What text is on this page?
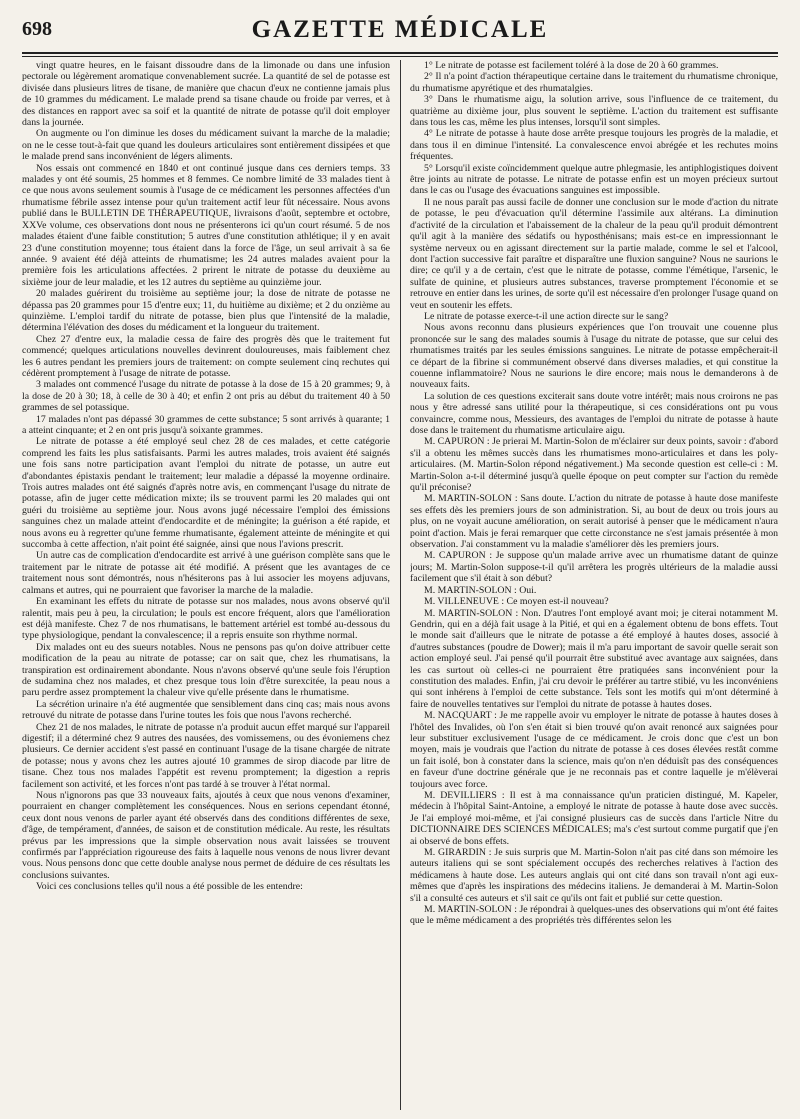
698	GAZETTE MÉDICALE

vingt quatre heures, en le faisant dissoudre dans de la limonade ou dans une infusion pectorale ou légèrement aromatique convenablement sucrée. La quantité de sel de potasse est divisée dans plusieurs litres de tisane, de manière que chacun d'eux ne contienne jamais plus de 10 grammes du médicament. Le malade prend sa tisane chaude ou froide par verres, et à des distances en rapport avec sa soif et la quantité de nitrate de potasse qu'il doit employer dans la journée.

On augmente ou l'on diminue les doses du médicament suivant la marche de la maladie; on ne le cesse tout-à-fait que quand les douleurs articulaires sont entièrement dissipées et que le malade prend sans inconvénient de légers aliments.

Nos essais ont commencé en 1840 et ont continué jusque dans ces derniers temps. 33 malades y ont été soumis, 25 hommes et 8 femmes. Ce nombre limité de 33 malades tient à ce que nous avons seulement soumis à l'usage de ce médicament les personnes affectées d'un rhumatisme fébrile assez intense pour qu'un traitement actif leur fût nécessaire. Nous avons publié dans le BULLETIN DE THÉRAPEUTIQUE, livraisons d'août, septembre et octobre, XXVe volume, ces observations dont nous ne présenterons ici qu'un court résumé. 5 de nos malades étaient d'une faible constitution; 5 autres d'une constitution athlétique; il y en avait 23 d'une constitution moyenne; tous étaient dans la force de l'âge, un seul arrivait à sa 6e année. 9 avaient été déjà atteints de rhumatisme; les 24 autres malades avaient pour la première fois les articulations affectées. 2 prirent le nitrate de potasse du deuxième au sixième jour de leur maladie, et les 12 autres du septième au quinzième jour.

20 malades guérirent du troisième au septième jour; la dose de nitrate de potasse ne dépassa pas 20 grammes pour 15 d'entre eux; 11, du huitième au dixième; et 2 du onzième au quinzième. L'emploi tardif du nitrate de potasse, bien plus que l'intensité de la maladie, détermina l'élévation des doses du médicament et la longueur du traitement.

Chez 27 d'entre eux, la maladie cessa de faire des progrès dès que le traitement fut commencé; quelques articulations nouvelles devinrent douloureuses, mais faiblement chez les 6 autres pendant les premiers jours de traitement: on compte seulement cinq rechutes qui cédèrent promptement à l'usage de nitrate de potasse.

3 malades ont commencé l'usage du nitrate de potasse à la dose de 15 à 20 grammes; 9, à la dose de 20 à 30; 18, à celle de 30 à 40; et enfin 2 ont pris au début du traitement 40 à 50 grammes de sel potassique.

17 malades n'ont pas dépassé 30 grammes de cette substance; 5 sont arrivés à quarante; 1 a atteint cinquante; et 2 en ont pris jusqu'à soixante grammes.

Le nitrate de potasse a été employé seul chez 28 de ces malades, et cette catégorie comprend les faits les plus satisfaisants. Parmi les autres malades, trois avaient été saignés une fois sans notre participation avant l'emploi du nitrate de potasse, un autre eut d'abondantes épistaxis pendant le traitement; leur maladie a dépassé la moyenne ordinaire. Trois autres malades ont été saignés d'après notre avis, en commençant l'usage du nitrate de potasse, afin de juger cette médication mixte; ils se trouvent parmi les 20 malades qui ont guéri du troisième au septième jour. Nous avons jugé nécessaire l'emploi des émissions sanguines chez un malade atteint d'endocardite et de méningite; la guérison a été rapide, et nous avons eu à regretter qu'une femme rhumatisante, également atteinte de méningite et qui succomba à cette affection, n'ait point été saignée, ainsi que nous l'avions prescrit.

Un autre cas de complication d'endocardite est arrivé à une guérison complète sans que le traitement par le nitrate de potasse ait été modifié. A présent que les avantages de ce traitement nous sont démontrés, nous n'hésiterons pas à lui associer les moyens adjuvans, calmans et autres, qui ne pourraient que favoriser la marche de la maladie.

En examinant les effets du nitrate de potasse sur nos malades, nous avons observé qu'il ralentit, mais peu à peu, la circulation; le pouls est encore fréquent, alors que l'amélioration est déjà manifeste. Chez 7 de nos rhumatisans, le battement artériel est tombé au-dessous du type physiologique, pendant la convalescence; il a repris ensuite son rhythme normal.

Dix malades ont eu des sueurs notables. Nous ne pensons pas qu'on doive attribuer cette modification de la peau au nitrate de potasse; car on sait que, chez les rhumatisans, la transpiration est ordinairement abondante. Nous n'avons observé qu'une seule fois l'éruption de sudamina chez nos malades, et chez presque tous loin d'être surexcitée, la peau nous a paru perdre assez promptement la chaleur vive qu'elle présente dans le rhumatisme.

La sécrétion urinaire n'a été augmentée que sensiblement dans cinq cas; mais nous avons retrouvé du nitrate de potasse dans l'urine toutes les fois que nous l'avons recherché.

Chez 21 de nos malades, le nitrate de potasse n'a produit aucun effet marqué sur l'appareil digestif; il a déterminé chez 9 autres des nausées, des vomissemens, ou des évoniemens chez plusieurs. Ce dernier accident s'est passé en continuant l'usage de la tisane chargée de nitrate de potasse; nous y avons chez les autres ajouté 10 grammes de sirop diacode par litre de tisane. Chez tous nos malades l'appétit est revenu promptement; la digestion a repris facilement son activité, et les forces n'ont pas tardé à se trouver à l'état normal.

Nous n'ignorons pas que 33 nouveaux faits, ajoutés à ceux que nous venons d'examiner, pourraient en changer complètement les conséquences. Nous en serions cependant étonné, ceux dont nous venons de parler ayant été observés dans des conditions différentes de sexe, d'âge, de tempérament, d'années, de saison et de constitution médicale. Au reste, les résultats prévus par les impressions que la simple observation nous avait laissées se trouvent confirmés par l'appréciation rigoureuse des faits à laquelle nous venons de nous livrer devant vous. Nous pensons donc que cette double analyse nous permet de déduire de ces résultats les conclusions suivantes.

Voici ces conclusions telles qu'il nous a été possible de les entendre:

1° Le nitrate de potasse est facilement toléré à la dose de 20 à 60 grammes.

2° Il n'a point d'action thérapeutique certaine dans le traitement du rhumatisme chronique, du rhumatisme apyrétique et des rhumatalgies.

3° Dans le rhumatisme aigu, la solution arrive, sous l'influence de ce traitement, du quatrième au dixième jour, plus souvent le septième. L'action du traitement est suffisante dans tous les cas, même les plus intenses, lorsqu'il sont simples.

4° Le nitrate de potasse à haute dose arrête presque toujours les progrès de la maladie, et dans tous il en diminue l'intensité. La convalescence envoi abrégée et les rechutes moins fréquentes.

5° Lorsqu'il existe coïncidemment quelque autre phlegmasie, les antiphlogistiques doivent être joints au nitrate de potasse. Le nitrate de potasse enfin est un moyen précieux surtout dans le cas ou l'usage des évacuations sanguines est impossible.

Il ne nous paraît pas aussi facile de donner une conclusion sur le mode d'action du nitrate de potasse, le peu d'évacuation qu'il détermine l'assimile aux altérans. La diminution d'activité de la circulation et l'abaissement de la chaleur de la peau qu'il produit démontrent qu'il agit à la manière des sédatifs ou hyposthénisans; mais est-ce en impressionnant le système nerveux ou en agissant directement sur la partie malade, comme le sel et l'alcool, dont l'action successive fait paraître et disparaître une fluxion sanguine? Nous ne saurions le dire; ce qu'il y a de certain, c'est que le nitrate de potasse, comme l'émétique, l'arsenic, le sulfate de quinine, et plusieurs autres substances, traverse promptement l'économie et se retrouve en entier dans les urines, de sorte qu'il est nécessaire d'en prolonger l'usage quand on veut en soutenir les effets.

Le nitrate de potasse exerce-t-il une action directe sur le sang?

Nous avons reconnu dans plusieurs expériences que l'on trouvait une couenne plus prononcée sur le sang des malades soumis à l'usage du nitrate de potasse, que sur celui des rhumatismes traités par les seules émissions sanguines. Le nitrate de potasse empêcherait-il ce départ de la fibrine si communément observé dans diverses maladies, et qui constitue la couenne inflammatoire? Nous ne saurions le dire encore; mais nous le demanderons à de nouveaux faits.

La solution de ces questions exciterait sans doute votre intérêt; mais nous croirons ne pas nous y être adressé sans utilité pour la thérapeutique, si ces considérations ont pu vous convaincre, comme nous, Messieurs, des avantages de l'emploi du nitrate de potasse à haute dose dans le traitement du rhumatisme articulaire aigu.

M. CAPURON : Je prierai M. Martin-Solon de m'éclairer sur deux points, savoir : d'abord s'il a obtenu les mêmes succès dans les rhumatismes mono-articulaires et dans les poly-articulaires. (M. Martin-Solon répond négativement.) Ma seconde question est celle-ci : M. Martin-Solon a-t-il déterminé jusqu'à quelle époque on peut compter sur l'action du remède qu'il préconise?

M. MARTIN-SOLON : Sans doute. L'action du nitrate de potasse à haute dose manifeste ses effets dès les premiers jours de son administration. Si, au bout de deux ou trois jours au plus, on ne voyait aucune amélioration, on serait autorisé à penser que le médicament n'aura point d'action. Mais je ferai remarquer que cette circonstance ne s'est jamais présentée à mon observation. J'ai constamment vu la maladie s'améliorer dès les premiers jours.

M. CAPURON : Je suppose qu'un malade arrive avec un rhumatisme datant de quinze jours; M. Martin-Solon suppose-t-il qu'il arrêtera les progrès ultérieurs de la maladie aussi facilement que s'il était à son début?

M. MARTIN-SOLON : Oui.

M. VILLENEUVE : Ce moyen est-il nouveau?

M. MARTIN-SOLON : Non. D'autres l'ont employé avant moi; je citerai notamment M. Gendrin, qui en a déjà fait usage à la Pitié, et qui en a également obtenu de bons effets. Tout le monde sait d'ailleurs que le nitrate de potasse a été employé à hautes doses, associé à d'autres substances (poudre de Dower); mais il m'a paru important de savoir quelle serait son action employé seul. J'ai pensé qu'il pourrait être substitué avec avantage aux saignées, dans les cas surtout où celles-ci ne pourraient être pratiquées sans inconvénient pour la constitution des malades. Enfin, j'ai cru devoir le préférer au tartre stibié, vu les inconvéniens qui sont inhérens à l'emploi de cette substance. Tels sont les motifs qui m'ont déterminé à faire de nouvelles tentatives sur l'emploi du nitrate de potasse à hautes doses.

M. NACQUART : Je me rappelle avoir vu employer le nitrate de potasse à hautes doses à l'hôtel des Invalides, où l'on s'en était si bien trouvé qu'on avait renoncé aux saignées pour leur substituer exclusivement l'usage de ce médicament. Je crois donc que c'est un bon moyen, mais je voudrais que l'action du nitrate de potasse à ces doses élevées restât comme un fait isolé, bon à constater dans la science, mais qu'on n'en déduisît pas des conséquences en faveur d'une doctrine générale que je ne reconnais pas et contre laquelle je m'élèverai toujours avec force.

M. DEVILLIERS : Il est à ma connaissance qu'un praticien distingué, M. Kapeler, médecin à l'hôpital Saint-Antoine, a employé le nitrate de potasse à haute dose avec succès. Je l'ai employé moi-même, et j'ai consigné plusieurs cas de succès dans l'article Nitre du DICTIONNAIRE DES SCIENCES MÉDICALES; ma's c'est surtout comme purgatif que j'en ai observé de bons effets.

M. GIRARDIN : Je suis surpris que M. Martin-Solon n'ait pas cité dans son mémoire les auteurs italiens qui se sont spécialement occupés des recherches relatives à l'action des médicamens à haute dose. Les auteurs anglais qui ont cité dans son travail n'ont agi eux-mêmes que d'après les inspirations des médecins italiens. Je demanderai à M. Martin-Solon s'il a consulté ces auteurs et s'il sait ce qu'ils ont fait et publié sur cette question.

M. MARTIN-SOLON : Je répondrai à quelques-unes des observations qui m'ont été faites que le même médicament a des propriétés très différentes selon les
